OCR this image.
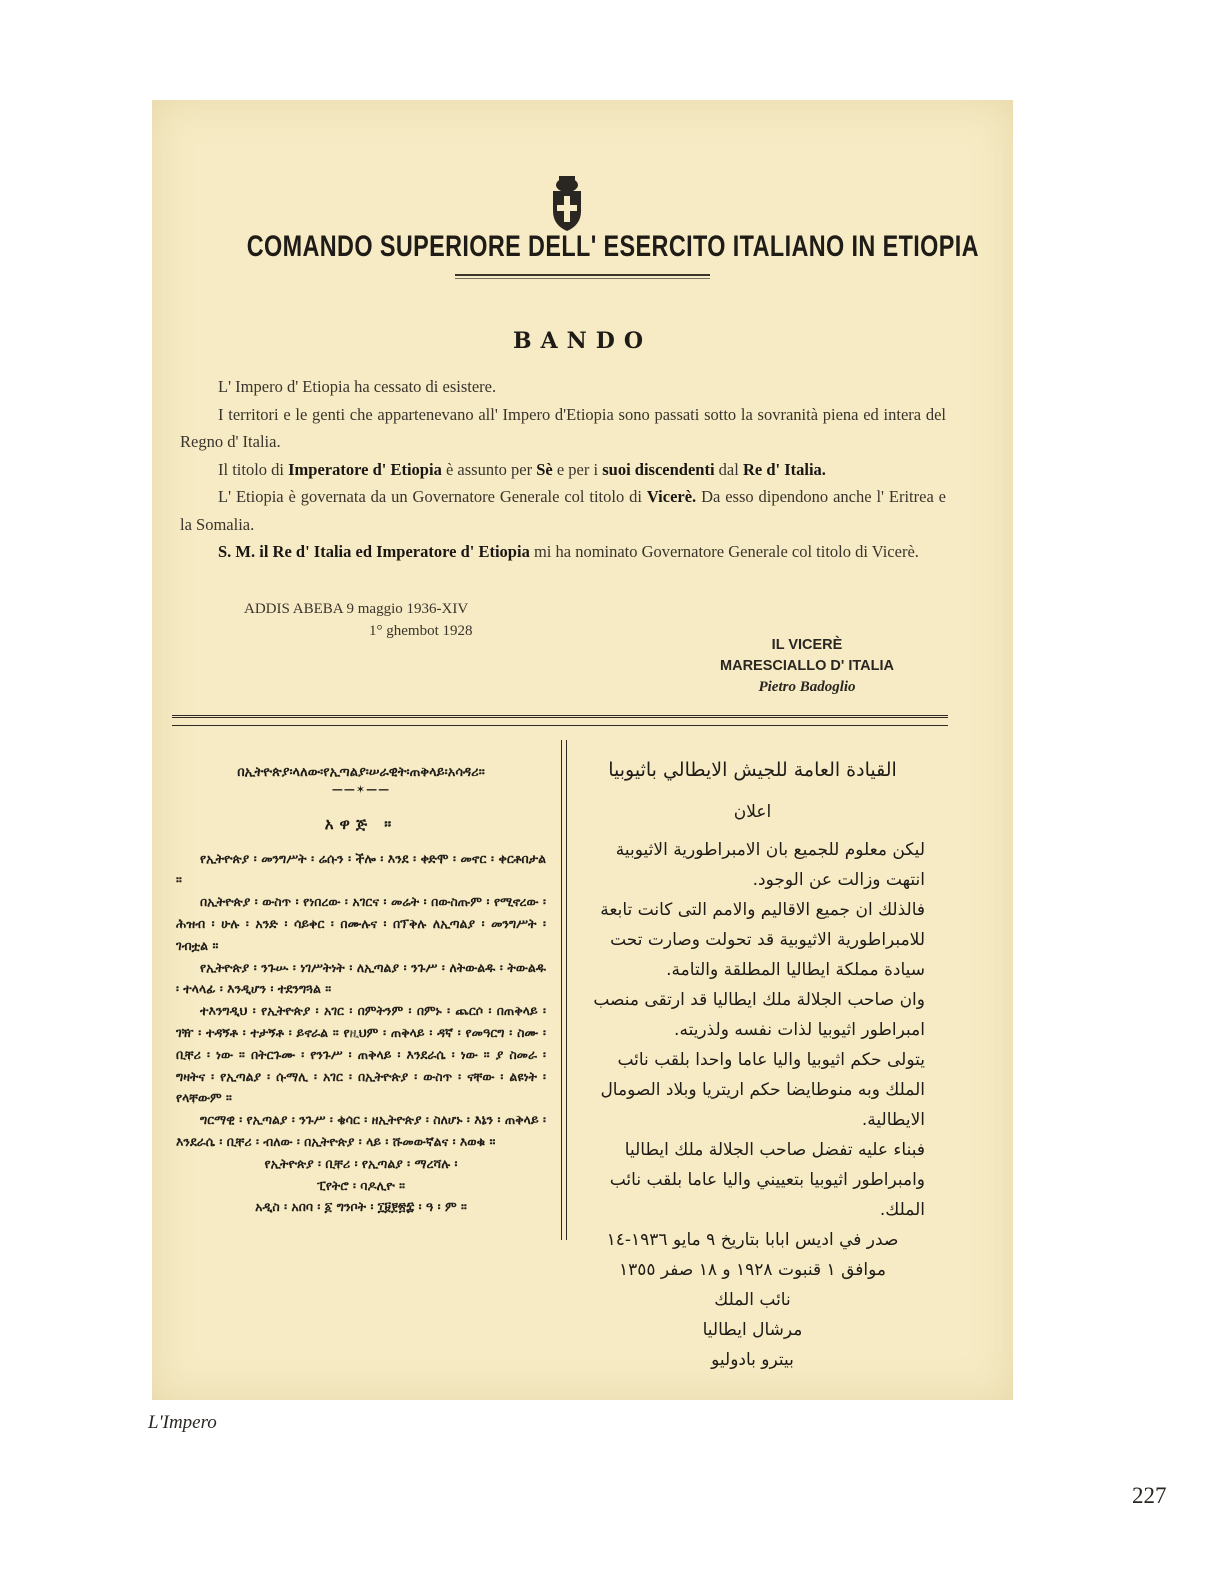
COMANDO SUPERIORE DELL' ESERCITO ITALIANO IN ETIOPIA
BANDO

L' Impero d' Etiopia ha cessato di esistere.

I territori e le genti che appartenevano all' Impero d'Etiopia sono passati sotto la sovranità piena ed intera del Regno d' Italia.

Il titolo di Imperatore d' Etiopia è assunto per Sè e per i suoi discendenti dal Re d' Italia.

L' Etiopia è governata da un Governatore Generale col titolo di Vicerè. Da esso dipendono anche l' Eritrea e la Somalia.

S. M. il Re d' Italia ed Imperatore d' Etiopia mi ha nominato Governatore Generale col titolo di Vicerè.

ADDIS ABEBA 9 maggio 1936-XIV
1° ghembot 1928
IL VICERÈ
MARESCIALLO D' ITALIA
Pietro Badoglio
በኢትዮጵያ፡ላለው፡የኢጣልያ፡ሠራዊት፡ጠቅላይ፡አሳዳሪ።
——✶——
አዋጅ ።

የኢትዮጵያ ፡ መንግሥት ፡ ሬሱን ፡ ችሎ ፡ እንደ ፡ ቀድሞ ፡ መኖር ፡ ቀርቶበታል ።

በኢትዮጵያ ፡ ውስጥ ፡ የነበረው ፡ አገርና ፡ መሬት ፡ በውስጡም ፡ የሚኖረው ፡ ሕዝብ ፡ ሁሉ ፡ አንድ ፡ ሳይቀር ፡ በሙሉና ፡ በፕቅሉ ለኢጣልያ ፡ መንግሥት ፡ ገብቷል ።

የኢትዮጵያ ፡ ንጉሡ ፡ ነገሥትነት ፡ ለኢጣልያ ፡ ንጉሥ ፡ ለትውልዱ ፡ ትውልዱ ፡ ተላላፊ ፡ እንዲሆን ፡ ተደንግጓል ።

ተእንግዲህ ፡ የኢትዮጵያ ፡ አገር ፡ በምትንም ፡ በምኑ ፡ ጨርሶ ፡ በጠቅላይ ፡ ገዥ ፡ ተዳኝቶ ፡ ተታኝቶ ፡ ይኖራል ። የዚህም ፡ ጠቅላይ ፡ ዳኛ ፡ የመዓርግ ፡ ስሙ ፡ ቢቸሪ ፡ ነው ። በትርጉሙ ፡ የንጉሥ ፡ ጠቅላይ ፡ እንደራሴ ፡ ነው ። ያ ስመራ ፡ ግዛትና ፡ የኢጣልያ ፡ ሱማሊ ፡ አገር ፡ በኢትዮጵያ ፡ ውስጥ ፡ ናቸው ፡ ልዩነት ፡ የላቸውም ።

ግርማዊ ፡ የኢጣልያ ፡ ንጉሥ ፡ ቄሳር ፡ ዘኢትዮጵያ ፡ ስለሆኑ ፡ እኔን ፡ ጠቅላይ ፡ እንደራሴ ፡ ቢቸሪ ፡ ብለው ፡ በኢትዮጵያ ፡ ላይ ፡ ሹመውኛልና ፡ እወቁ ።

የኢትዮጵያ ፡ ቢቸሪ ፡ የኢጣልያ ፡ ማረሻሉ ፡
ፒየትሮ ፡ ባዶሊዮ ።
አዲስ ፡ አበባ ፡ ፩ ግንቦት ፡ ፲፱፻፳፰ ፡ ዓ ፡ ም ።
القيادة العامة للجيش الايطالي باثيوبيا
اعلان

ليكن معلوم للجميع بان الامبراطورية الاثيوبية انتهت وزالت عن الوجود.

فالذلك ان جميع الاقاليم والامم التى كانت تابعة للامبراطورية الاثيوبية قد تحولت وصارت تحت سيادة مملكة ايطاليا المطلقة والتامة.

وان صاحب الجلالة ملك ايطاليا قد ارتقى منصب امبراطور اثيوبيا لذات نفسه ولذريته.

يتولى حكم اثيوبيا واليا عاما واحدا بلقب نائب الملك وبه منوطايضا حكم اريتريا وبلاد الصومال الايطالية.

فبناء عليه تفضل صاحب الجلالة ملك ايطاليا وامبراطور اثيوبيا بتعييني واليا عاما بلقب نائب الملك.

صدر في اديس ابابا بتاريخ ٩ مايو ١٩٣٦-١٤

موافق ١ قنبوت ١٩٢٨ و ١٨ صفر ١٣٥٥

نائب الملك

مرشال ايطاليا

بيترو بادوليو

L'Impero
227
